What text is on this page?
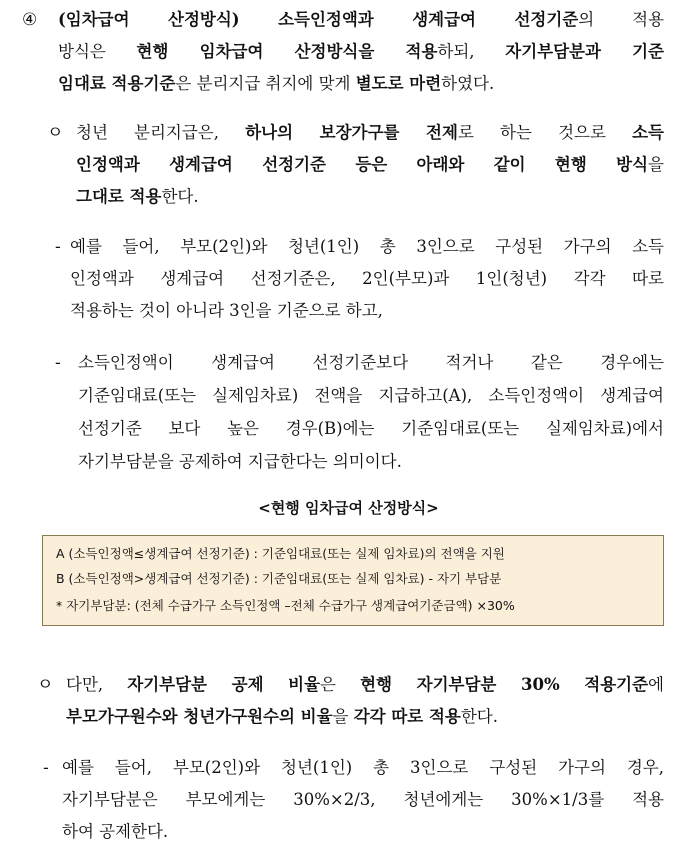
④ (임차급여 산정방식) 소득인정액과 생계급여 선정기준의 적용
방식은 현행 임차급여 산정방식을 적용하되, 자기부담분과 기준
임대료 적용기준은 분리지급 취지에 맞게 별도로 마련하였다.
ㅇ 청년 분리지급은, 하나의 보장가구를 전제로 하는 것으로 소득
인정액과 생계급여 선정기준 등은 아래와 같이 현행 방식을
그대로 적용한다.
- 예를 들어, 부모(2인)와 청년(1인) 총 3인으로 구성된 가구의 소득
인정액과 생계급여 선정기준은, 2인(부모)과 1인(청년) 각각 따로
적용하는 것이 아니라 3인을 기준으로 하고,
- 소득인정액이 생계급여 선정기준보다 적거나 같은 경우에는
기준임대료(또는 실제임차료) 전액을 지급하고(A), 소득인정액이 생계급여
선정기준 보다 높은 경우(B)에는 기준임대료(또는 실제임차료)에서
자기부담분을 공제하여 지급한다는 의미이다.
<현행 임차급여 산정방식>
A (소득인정액≤생계급여 선정기준) : 기준임대료(또는 실제 임차료)의 전액을 지원
B (소득인정액>생계급여 선정기준) : 기준임대료(또는 실제 임차료) - 자기 부담분
* 자기부담분: (전체 수급가구 소득인정액 –전체 수급가구 생계급여기준금액) ×30%
ㅇ 다만, 자기부담분 공제 비율은 현행 자기부담분 30% 적용기준에
부모가구원수와 청년가구원수의 비율을 각각 따로 적용한다.
- 예를 들어, 부모(2인)와 청년(1인) 총 3인으로 구성된 가구의 경우,
자기부담분은 부모에게는 30%×2/3, 청년에게는 30%×1/3를 적용
하여 공제한다.
